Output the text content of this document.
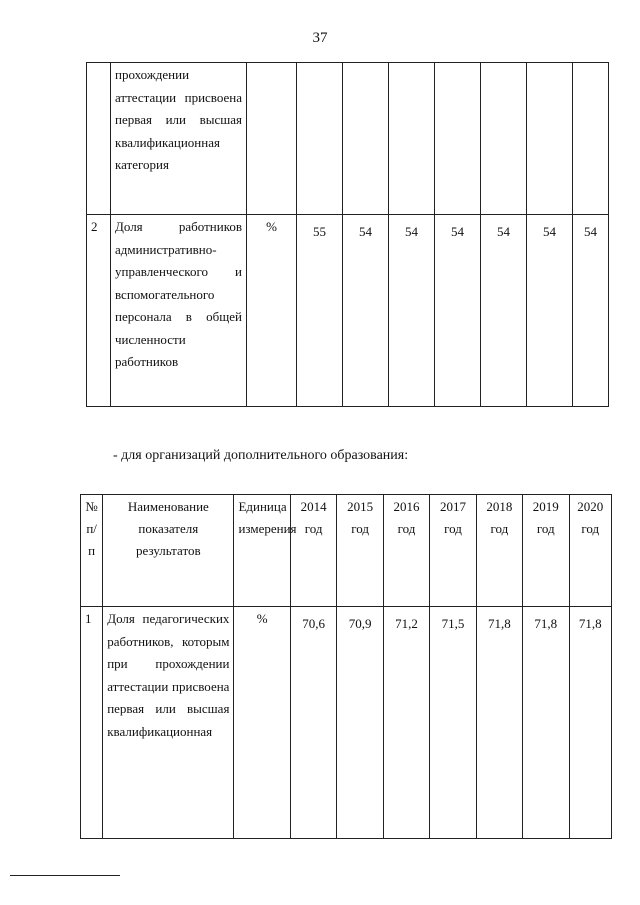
37
	прохождении аттестации присвоена первая или высшая квалификационная категория								
2	Доля работников административно-управленческого и вспомогательного персонала в общей численности работников	%	55	54	54	54	54	54	54
- для организаций дополнительного образования:
№ п/п	Наименование показателя результатов	Единица измерения	2014 год	2015 год	2016 год	2017 год	2018 год	2019 год	2020 год
1	Доля педагогических работников, которым при прохождении аттестации присвоена первая или высшая квалификационная	%	70,6	70,9	71,2	71,5	71,8	71,8	71,8
